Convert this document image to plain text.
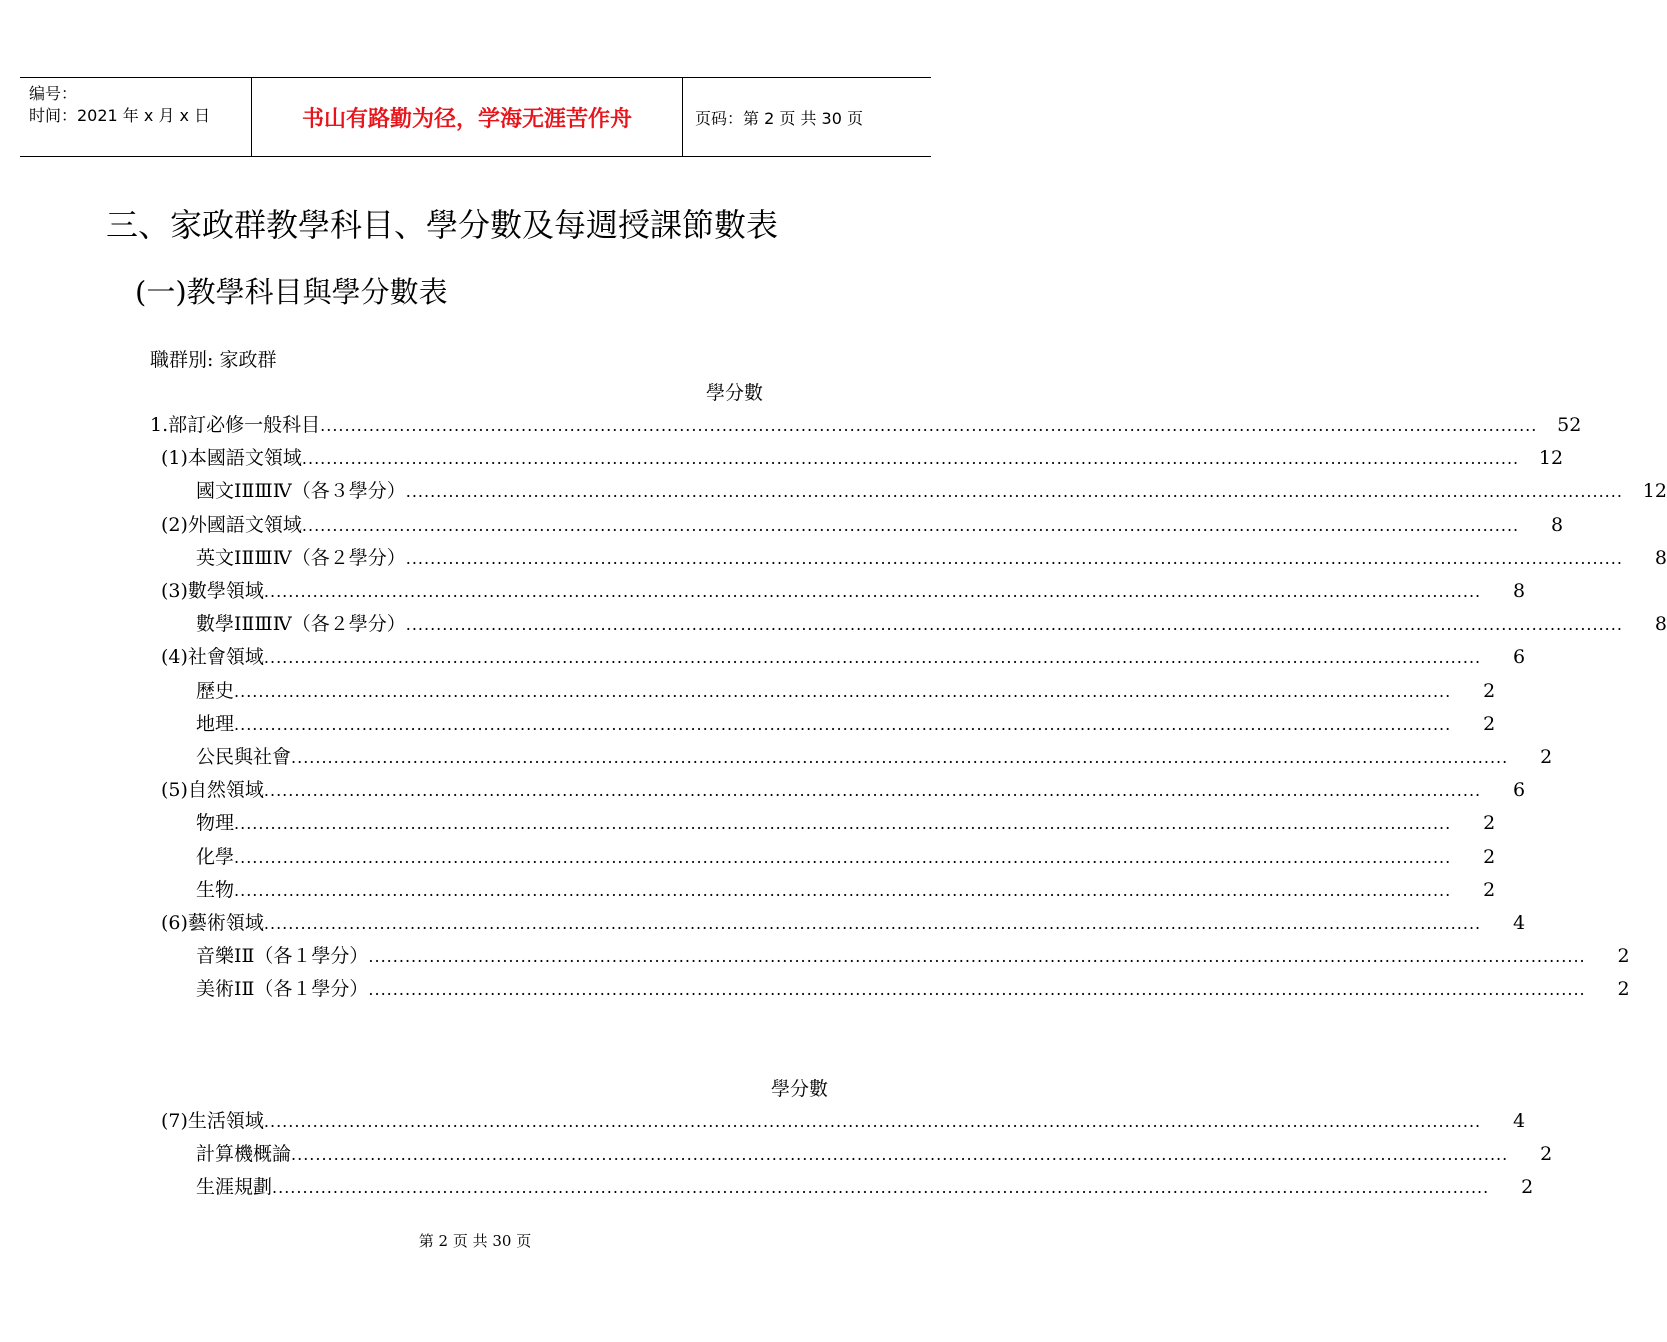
编号：
时间：2021 年 x 月 x 日	书山有路勤为径，学海无涯苦作舟	页码：第 2 页 共 30 页
三、家政群教學科目、學分數及每週授課節數表
(一)教學科目與學分數表
職群別: 家政群
學分數
1.部訂必修一般科目 ........................................................................................................................................................................................................	52
(1)本國語文領域 ........................................................................................................................................................................................................	12
國文ⅠⅡⅢⅣ（各３學分） ........................................................................................................................................................................................................	12
(2)外國語文領域 ........................................................................................................................................................................................................	8
英文ⅠⅡⅢⅣ（各２學分） ........................................................................................................................................................................................................	8
(3)數學領域 ........................................................................................................................................................................................................	8
數學ⅠⅡⅢⅣ（各２學分） ........................................................................................................................................................................................................	8
(4)社會領域 ........................................................................................................................................................................................................	6
歷史 ........................................................................................................................................................................................................	2
地理 ........................................................................................................................................................................................................	2
公民與社會 ........................................................................................................................................................................................................	2
(5)自然領域 ........................................................................................................................................................................................................	6
物理 ........................................................................................................................................................................................................	2
化學 ........................................................................................................................................................................................................	2
生物 ........................................................................................................................................................................................................	2
(6)藝術領域 ........................................................................................................................................................................................................	4
音樂ⅠⅡ（各１學分） ........................................................................................................................................................................................................	2
美術ⅠⅡ（各１學分） ........................................................................................................................................................................................................	2
學分數
(7)生活領域 ........................................................................................................................................................................................................	4
計算機概論 ........................................................................................................................................................................................................	2
生涯規劃 ........................................................................................................................................................................................................	2
第 2 页 共 30 页
